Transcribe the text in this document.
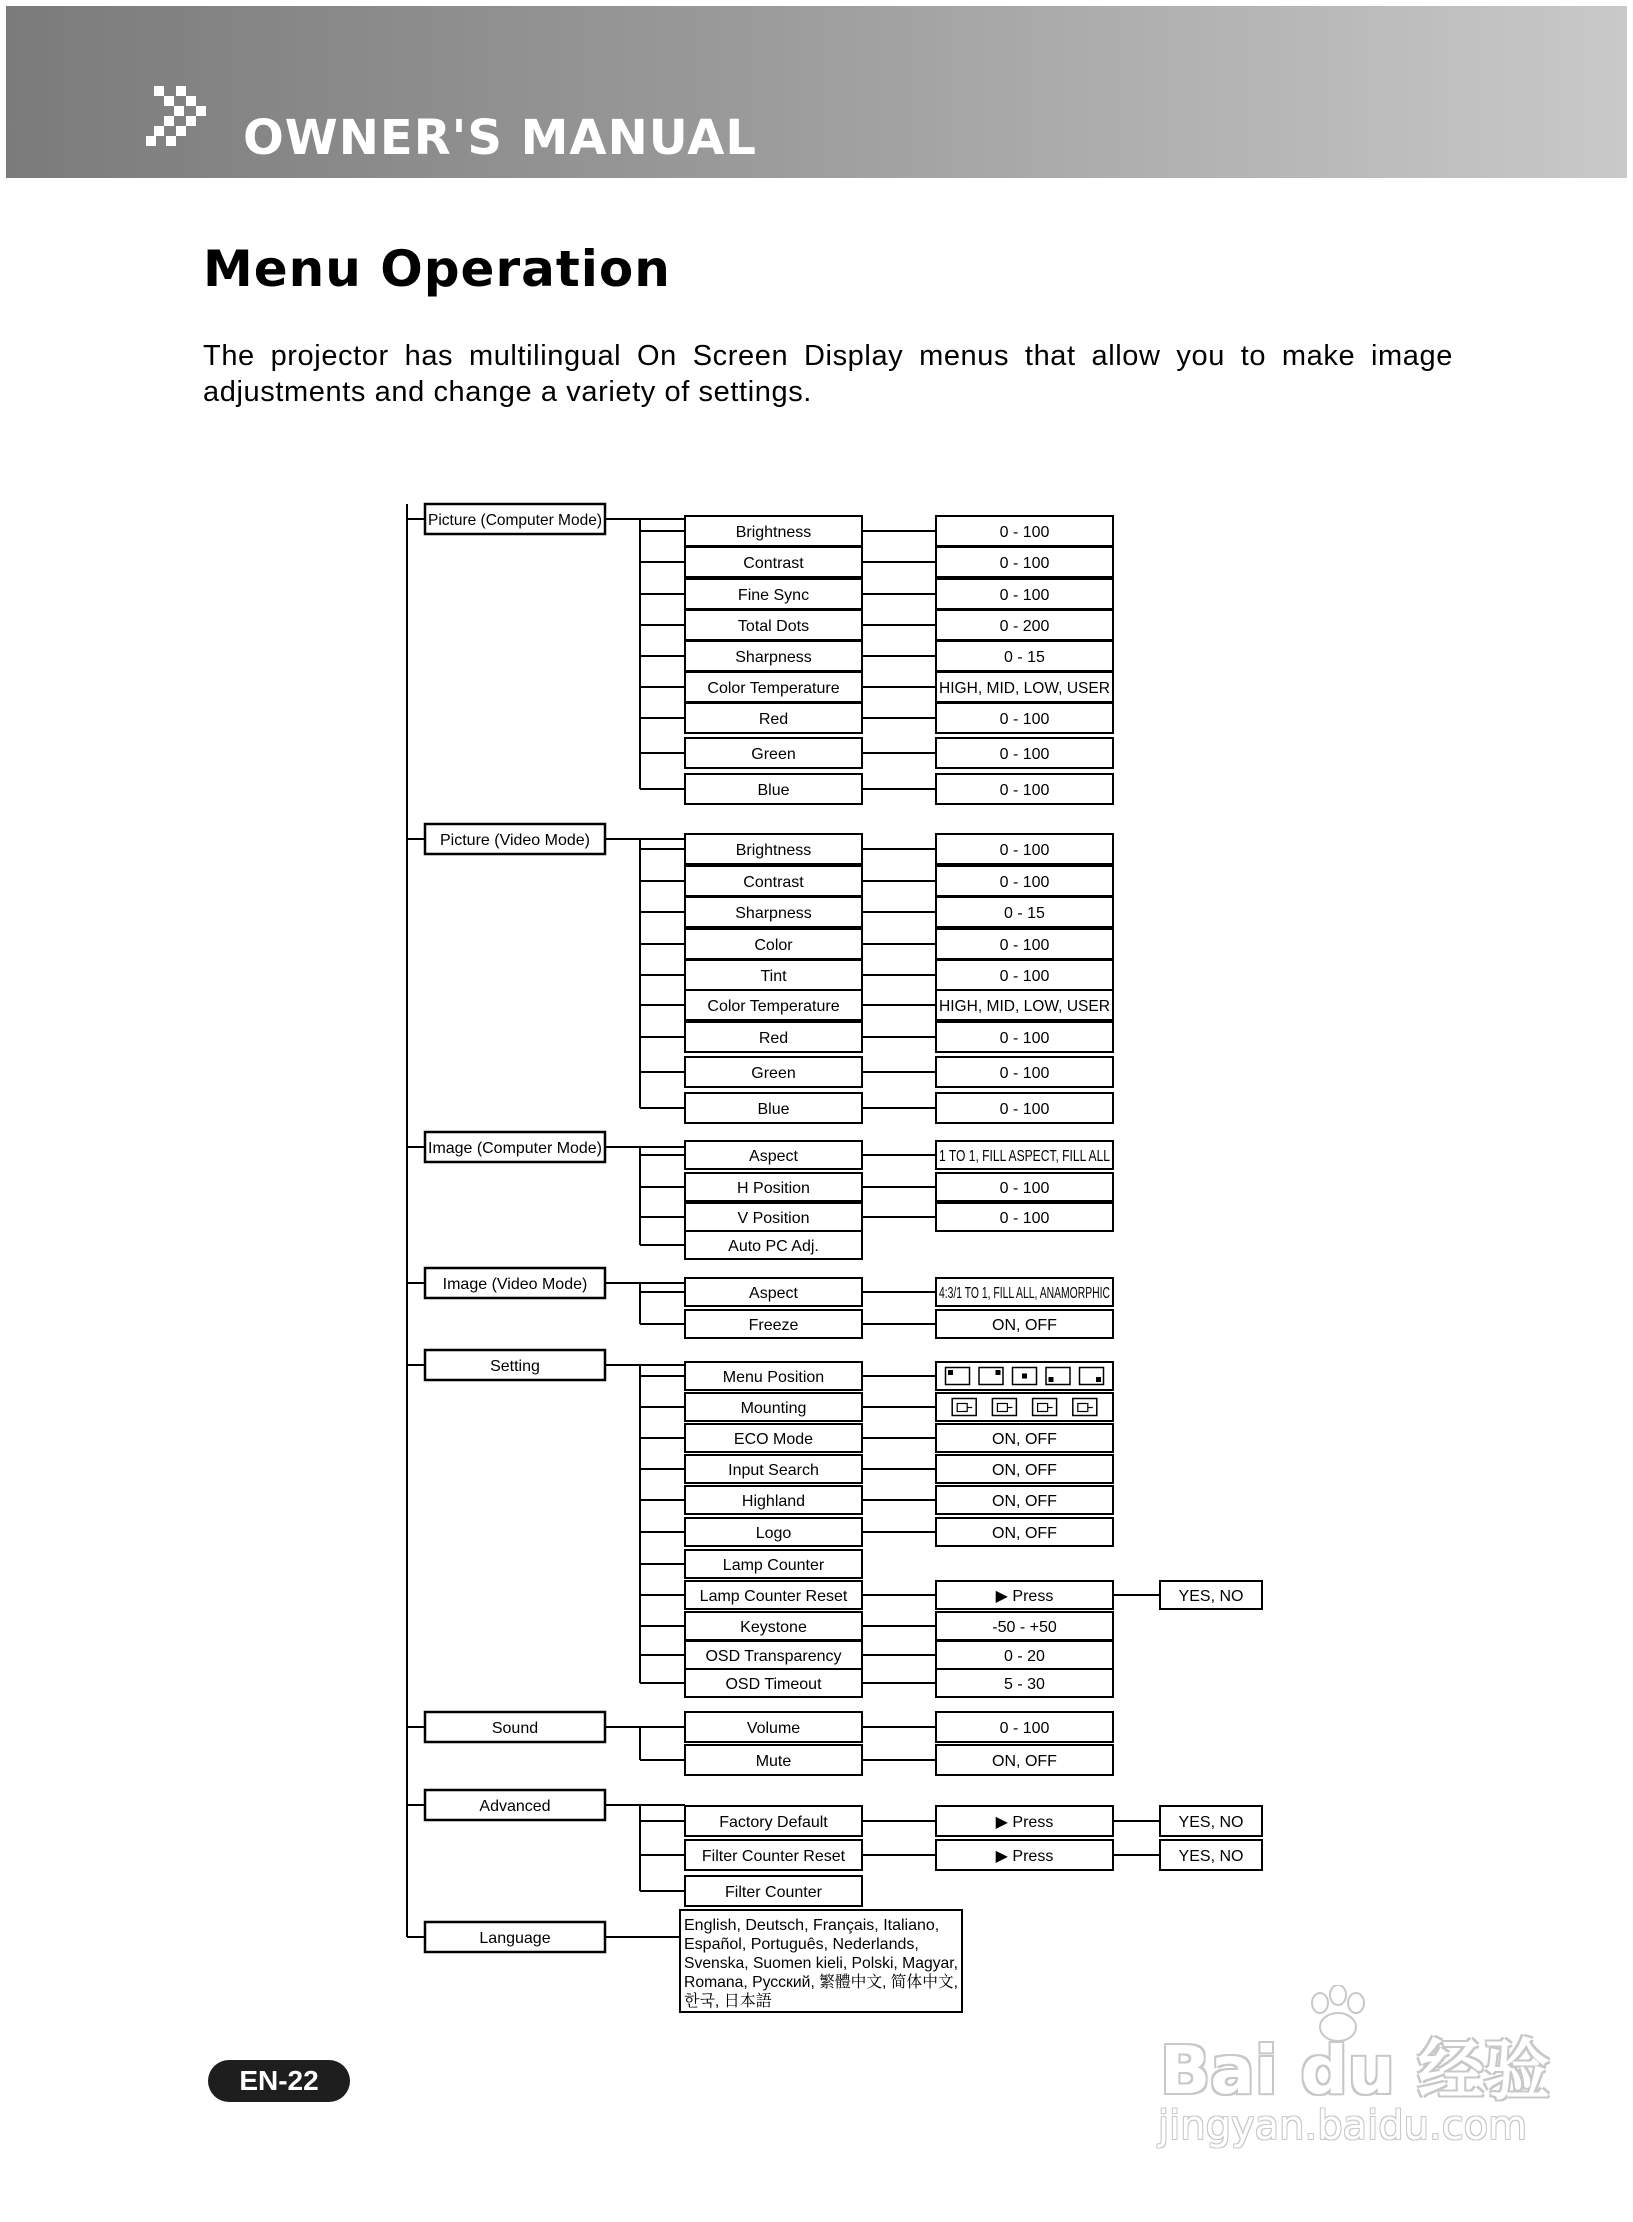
OWNER'S MANUAL
Menu Operation
The projector has multilingual On Screen Display menus that allow you to make image adjustments and change a variety of settings.
Picture (Computer Mode)
Brightness	0 - 100
Contrast	0 - 100
Fine Sync	0 - 100
Total Dots	0 - 200
Sharpness	0 - 15
Color Temperature	HIGH, MID, LOW, USER
Red	0 - 100
Green	0 - 100
Blue	0 - 100
Picture (Video Mode)
Brightness	0 - 100
Contrast	0 - 100
Sharpness	0 - 15
Color	0 - 100
Tint	0 - 100
Color Temperature	HIGH, MID, LOW, USER
Red	0 - 100
Green	0 - 100
Blue	0 - 100
Image (Computer Mode)	Aspect	1 TO 1, FILL ASPECT, FILL ALL
H Position	0 - 100
V Position	0 - 100
Auto PC Adj.
Image (Video Mode)
Aspect	4:3/1 TO 1, FILL ALL, ANAMORPHIC
Freeze	ON, OFF
Setting
Menu Position
Mounting
ECO Mode	ON, OFF
Input Search	ON, OFF
Highland	ON, OFF
Logo	ON, OFF
Lamp Counter
Lamp Counter Reset	▶ Press	YES, NO
Keystone	-50 - +50
OSD Transparency	0 - 20
OSD Timeout	5 - 30
Sound	Volume	0 - 100
Mute	ON, OFF
Advanced
Factory Default	▶ Press	YES, NO
Filter Counter Reset	▶ Press	YES, NO
Filter Counter
Language
English, Deutsch, Français, Italiano,
Español, Português, Nederlands,
Svenska, Suomen kieli, Polski, Magyar,
Romana, Русский, 繁體中文, 简体中文,
한국, 日本語
EN-22	Bai du 经验
jingyan.baidu.com
